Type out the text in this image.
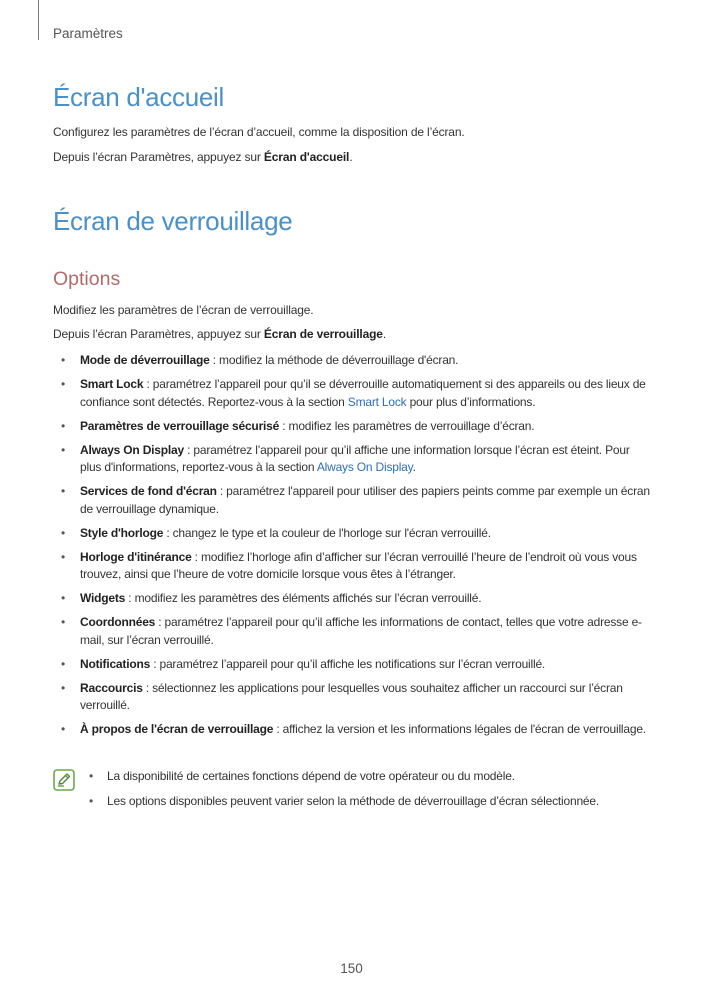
Paramètres
Écran d'accueil

Configurez les paramètres de l’écran d’accueil, comme la disposition de l’écran.

Depuis l’écran Paramètres, appuyez sur Écran d'accueil.

Écran de verrouillage
Options

Modifiez les paramètres de l’écran de verrouillage.

Depuis l’écran Paramètres, appuyez sur Écran de verrouillage.

• Mode de déverrouillage : modifiez la méthode de déverrouillage d'écran.
• Smart Lock : paramétrez l’appareil pour qu’il se déverrouille automatiquement si des appareils ou des lieux de confiance sont détectés. Reportez-vous à la section Smart Lock pour plus d’informations.
• Paramètres de verrouillage sécurisé : modifiez les paramètres de verrouillage d’écran.
• Always On Display : paramétrez l’appareil pour qu’il affiche une information lorsque l’écran est éteint. Pour plus d'informations, reportez-vous à la section Always On Display.
• Services de fond d'écran : paramétrez l'appareil pour utiliser des papiers peints comme par exemple un écran de verrouillage dynamique.
• Style d'horloge : changez le type et la couleur de l'horloge sur l'écran verrouillé.
• Horloge d'itinérance : modifiez l’horloge afin d’afficher sur l’écran verrouillé l’heure de l’endroit où vous vous trouvez, ainsi que l’heure de votre domicile lorsque vous êtes à l’étranger.
• Widgets : modifiez les paramètres des éléments affichés sur l’écran verrouillé.
• Coordonnées : paramétrez l’appareil pour qu’il affiche les informations de contact, telles que votre adresse e-mail, sur l’écran verrouillé.
• Notifications : paramétrez l’appareil pour qu’il affiche les notifications sur l’écran verrouillé.
• Raccourcis : sélectionnez les applications pour lesquelles vous souhaitez afficher un raccourci sur l’écran verrouillé.
• À propos de l'écran de verrouillage : affichez la version et les informations légales de l'écran de verrouillage.
• La disponibilité de certaines fonctions dépend de votre opérateur ou du modèle.
• Les options disponibles peuvent varier selon la méthode de déverrouillage d’écran sélectionnée.
150
